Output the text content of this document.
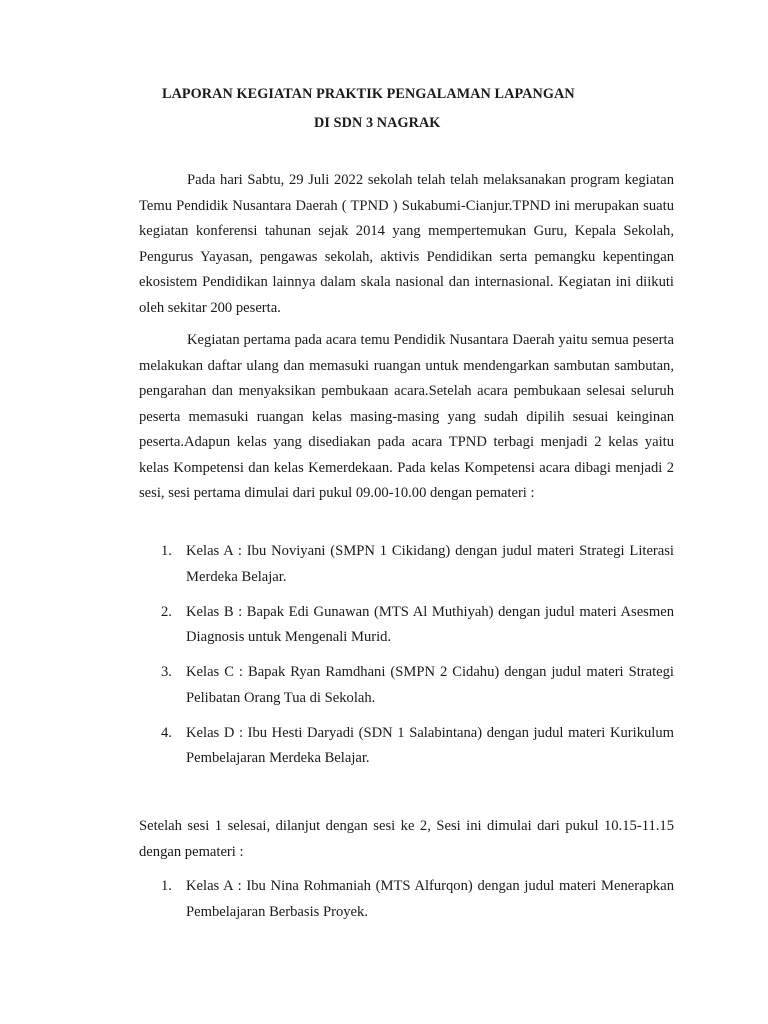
LAPORAN KEGIATAN PRAKTIK PENGALAMAN LAPANGAN
DI SDN 3 NAGRAK

Pada hari Sabtu, 29 Juli 2022 sekolah telah telah melaksanakan program kegiatan Temu Pendidik Nusantara Daerah ( TPND ) Sukabumi-Cianjur.TPND ini merupakan suatu kegiatan konferensi tahunan sejak 2014 yang mempertemukan Guru, Kepala Sekolah, Pengurus Yayasan, pengawas sekolah, aktivis Pendidikan serta pemangku kepentingan ekosistem Pendidikan lainnya dalam skala nasional dan internasional. Kegiatan ini diikuti oleh sekitar 200 peserta.

Kegiatan pertama pada acara temu Pendidik Nusantara Daerah yaitu semua peserta melakukan daftar ulang dan memasuki ruangan untuk mendengarkan sambutan sambutan, pengarahan dan menyaksikan pembukaan acara.Setelah acara pembukaan selesai seluruh peserta memasuki ruangan kelas masing-masing yang sudah dipilih sesuai keinginan peserta.Adapun kelas yang disediakan pada acara TPND terbagi menjadi 2 kelas yaitu kelas Kompetensi dan kelas Kemerdekaan. Pada kelas Kompetensi acara dibagi menjadi 2 sesi, sesi pertama dimulai dari pukul 09.00-10.00 dengan pemateri :

1. Kelas A : Ibu Noviyani (SMPN 1 Cikidang) dengan judul materi Strategi Literasi Merdeka Belajar.
2. Kelas B : Bapak Edi Gunawan (MTS Al Muthiyah) dengan judul materi Asesmen Diagnosis untuk Mengenali Murid.
3. Kelas C : Bapak Ryan Ramdhani (SMPN 2 Cidahu) dengan judul materi Strategi Pelibatan Orang Tua di Sekolah.
4. Kelas D : Ibu Hesti Daryadi (SDN 1 Salabintana) dengan judul materi Kurikulum Pembelajaran Merdeka Belajar.

Setelah sesi 1 selesai, dilanjut dengan sesi ke 2, Sesi ini dimulai dari pukul 10.15-11.15 dengan pemateri :

1. Kelas A : Ibu Nina Rohmaniah (MTS Alfurqon) dengan judul materi Menerapkan Pembelajaran Berbasis Proyek.
